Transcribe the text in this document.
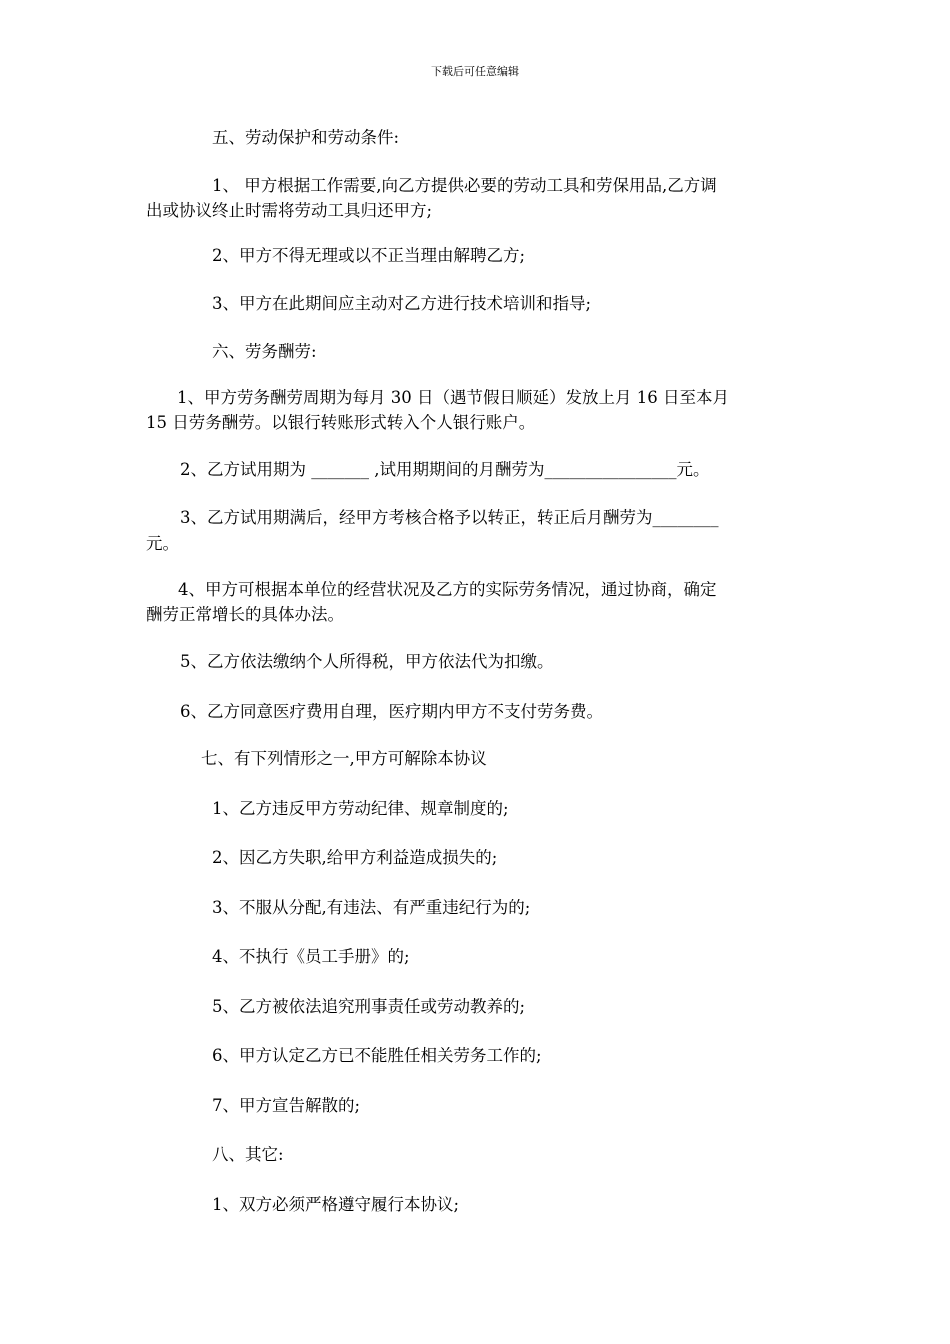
下载后可任意编辑
五、劳动保护和劳动条件:
1、 甲方根据工作需要,向乙方提供必要的劳动工具和劳保用品,乙方调
出或协议终止时需将劳动工具归还甲方;
2、甲方不得无理或以不正当理由解聘乙方;
3、甲方在此期间应主动对乙方进行技术培训和指导;
六、劳务酬劳:
1、甲方劳务酬劳周期为每月 30 日（遇节假日顺延）发放上月 16 日至本月
15 日劳务酬劳。以银行转账形式转入个人银行账户。
2、乙方试用期为 _______ ,试用期期间的月酬劳为________________元。
3、乙方试用期满后，经甲方考核合格予以转正，转正后月酬劳为________
元。
4、甲方可根据本单位的经营状况及乙方的实际劳务情况，通过协商，确定
酬劳正常增长的具体办法。
5、乙方依法缴纳个人所得税，甲方依法代为扣缴。
6、乙方同意医疗费用自理，医疗期内甲方不支付劳务费。
七、有下列情形之一,甲方可解除本协议
1、乙方违反甲方劳动纪律、规章制度的;
2、因乙方失职,给甲方利益造成损失的;
3、不服从分配,有违法、有严重违纪行为的;
4、不执行《员工手册》的;
5、乙方被依法追究刑事责任或劳动教养的;
6、甲方认定乙方已不能胜任相关劳务工作的;
7、甲方宣告解散的;
八、其它:
1、双方必须严格遵守履行本协议;
